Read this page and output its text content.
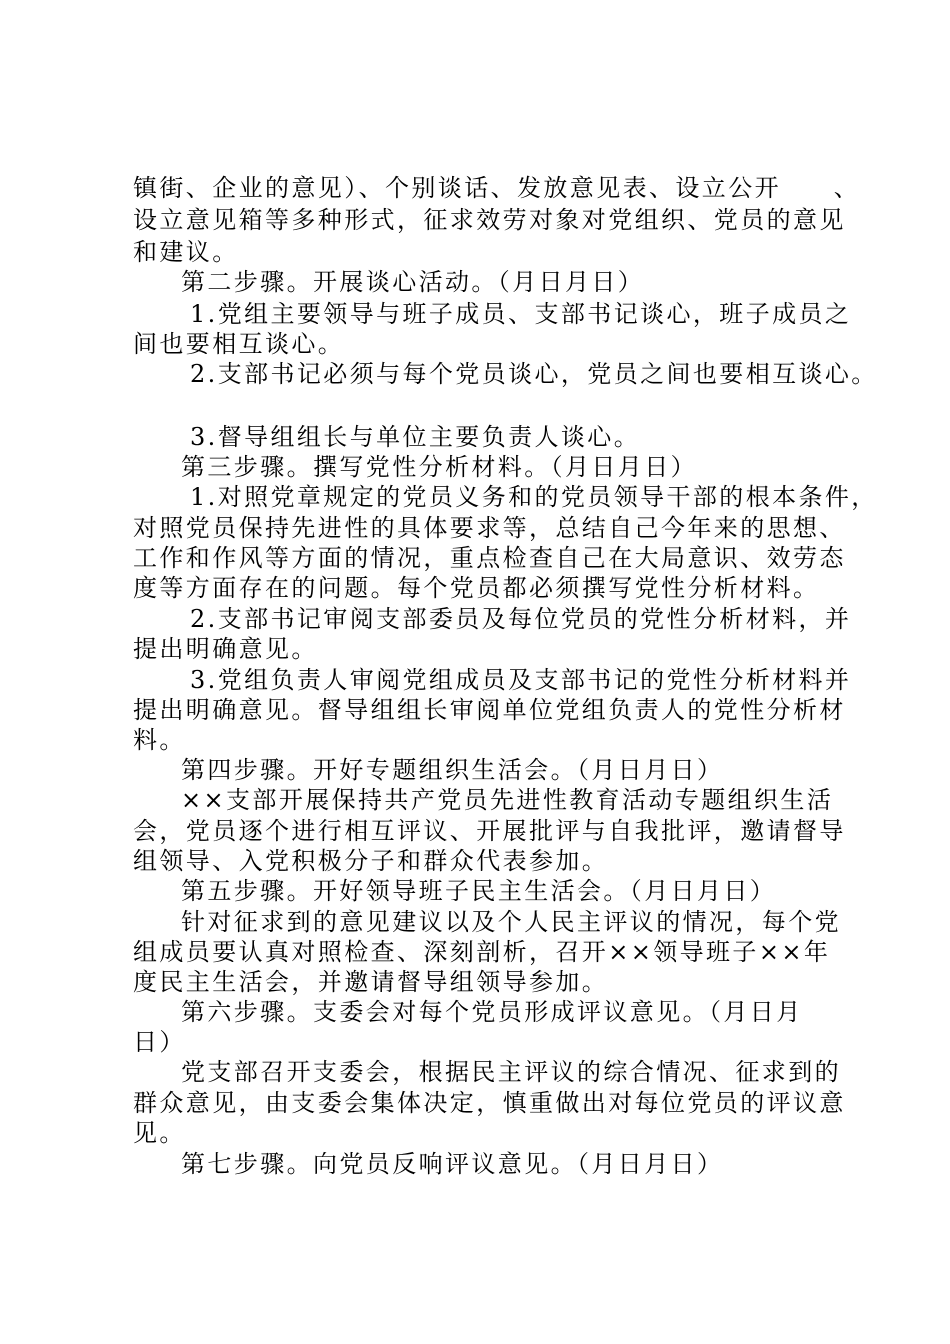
镇街、企业的意见）、个别谈话、发放意见表、设立公开　　、
设立意见箱等多种形式，征求效劳对象对党组织、党员的意见
和建议。
第二步骤。开展谈心活动。（月日月日）
1.党组主要领导与班子成员、支部书记谈心，班子成员之
间也要相互谈心。
2.支部书记必须与每个党员谈心，党员之间也要相互谈心。
3.督导组组长与单位主要负责人谈心。
第三步骤。撰写党性分析材料。（月日月日）
1.对照党章规定的党员义务和的党员领导干部的根本条件，
对照党员保持先进性的具体要求等，总结自己今年来的思想、
工作和作风等方面的情况，重点检查自己在大局意识、效劳态
度等方面存在的问题。每个党员都必须撰写党性分析材料。
2.支部书记审阅支部委员及每位党员的党性分析材料，并
提出明确意见。
3.党组负责人审阅党组成员及支部书记的党性分析材料并
提出明确意见。督导组组长审阅单位党组负责人的党性分析材
料。
第四步骤。开好专题组织生活会。（月日月日）
××支部开展保持共产党员先进性教育活动专题组织生活
会，党员逐个进行相互评议、开展批评与自我批评，邀请督导
组领导、入党积极分子和群众代表参加。
第五步骤。开好领导班子民主生活会。（月日月日）
针对征求到的意见建议以及个人民主评议的情况，每个党
组成员要认真对照检查、深刻剖析，召开××领导班子××年
度民主生活会，并邀请督导组领导参加。
第六步骤。支委会对每个党员形成评议意见。（月日月
日）
党支部召开支委会，根据民主评议的综合情况、征求到的
群众意见，由支委会集体决定，慎重做出对每位党员的评议意
见。
第七步骤。向党员反响评议意见。（月日月日）
